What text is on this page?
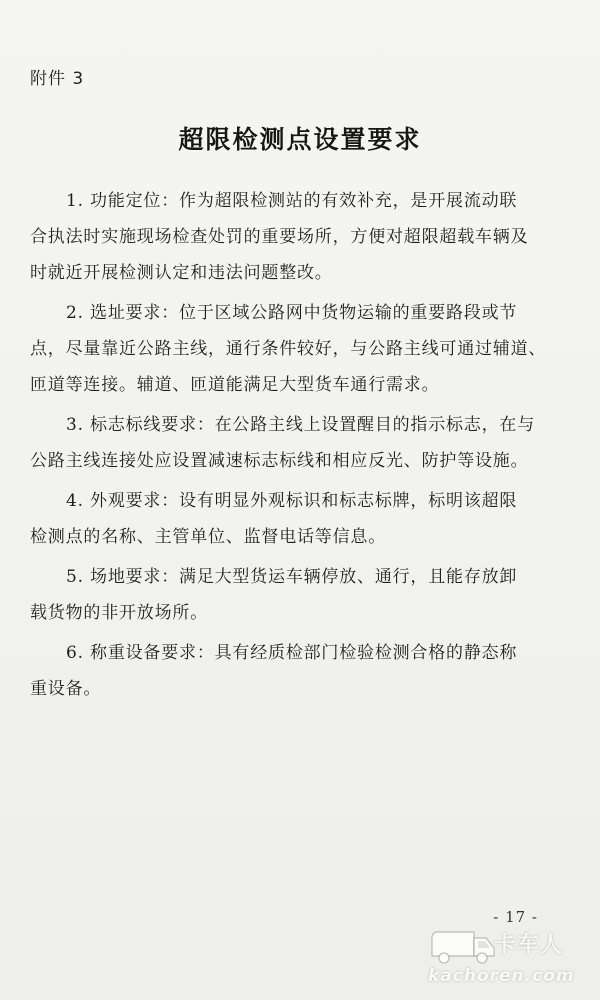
附件 3
超限检测点设置要求

1. 功能定位：作为超限检测站的有效补充，是开展流动联
合执法时实施现场检查处罚的重要场所，方便对超限超载车辆及
时就近开展检测认定和违法问题整改。

2. 选址要求：位于区域公路网中货物运输的重要路段或节
点，尽量靠近公路主线，通行条件较好，与公路主线可通过辅道、
匝道等连接。辅道、匝道能满足大型货车通行需求。

3. 标志标线要求：在公路主线上设置醒目的指示标志，在与
公路主线连接处应设置减速标志标线和相应反光、防护等设施。

4. 外观要求：设有明显外观标识和标志标牌，标明该超限
检测点的名称、主管单位、监督电话等信息。

5. 场地要求：满足大型货运车辆停放、通行，且能存放卸
载货物的非开放场所。

6. 称重设备要求：具有经质检部门检验检测合格的静态称
重设备。

- 17 -
卡车人
kachoren.com
